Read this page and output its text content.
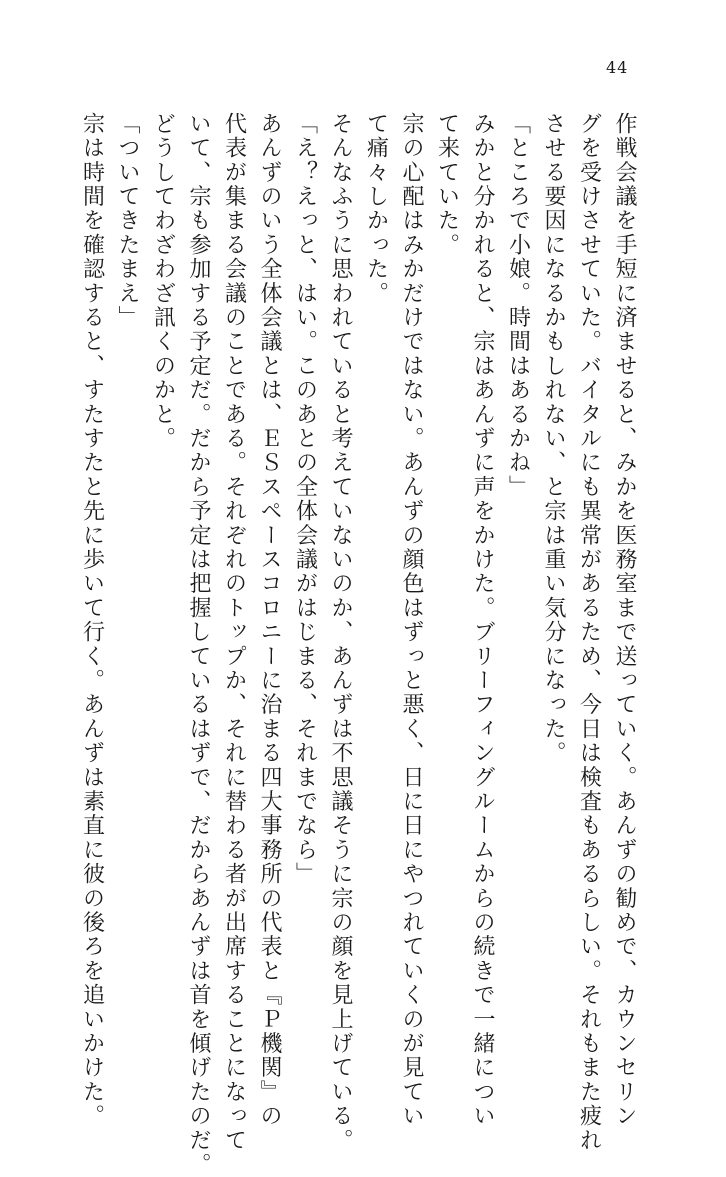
44
作戦会議を手短に済ませると、みかを医務室まで送っていく。あんずの勧めで、カウンセリン
グを受けさせていた。バイタルにも異常があるため、今日は検査もあるらしい。それもまた疲れ
させる要因になるかもしれない、と宗は重い気分になった。
「ところで小娘。時間はあるかね」
みかと分かれると、宗はあんずに声をかけた。ブリーフィングルームからの続きで一緒につい
て来ていた。
宗の心配はみかだけではない。あんずの顔色はずっと悪く、日に日にやつれていくのが見てい
て痛々しかった。
そんなふうに思われていると考えていないのか、あんずは不思議そうに宗の顔を見上げている。
「え？えっと、はい。このあとの全体会議がはじまる、それまでなら」
あんずのいう全体会議とは、ＥＳスペースコロニーに治まる四大事務所の代表と『Ｐ機関』の
代表が集まる会議のことである。それぞれのトップか、それに替わる者が出席することになって
いて、宗も参加する予定だ。だから予定は把握しているはずで、だからあんずは首を傾げたのだ。
どうしてわざわざ訊くのかと。
「ついてきたまえ」
宗は時間を確認すると、すたすたと先に歩いて行く。あんずは素直に彼の後ろを追いかけた。
